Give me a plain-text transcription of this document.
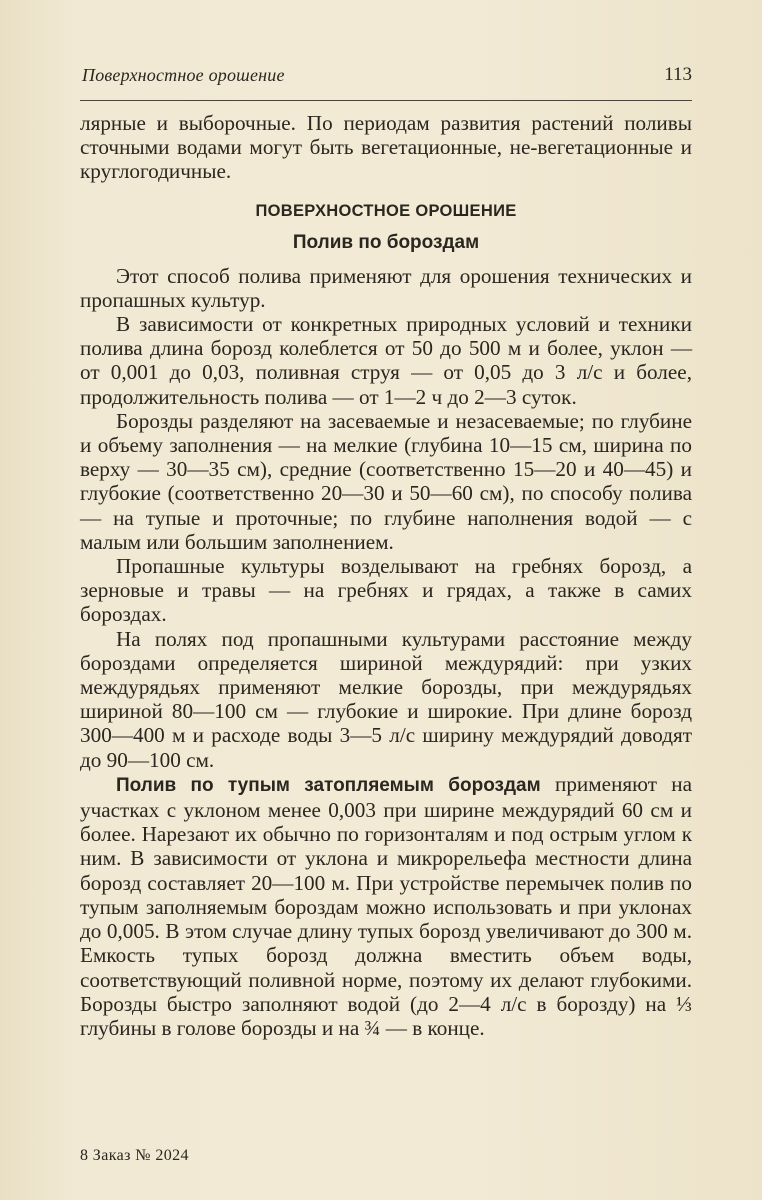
Поверхностное орошение	113

лярные и выборочные. По периодам развития растений поливы сточными водами могут быть вегетационные, не-вегетационные и круглогодичные.

ПОВЕРХНОСТНОЕ ОРОШЕНИЕ
Полив по бороздам

Этот способ полива применяют для орошения технических и пропашных культур.

В зависимости от конкретных природных условий и техники полива длина борозд колеблется от 50 до 500 м и более, уклон — от 0,001 до 0,03, поливная струя — от 0,05 до 3 л/с и более, продолжительность полива — от 1—2 ч до 2—3 суток.

Борозды разделяют на засеваемые и незасеваемые; по глубине и объему заполнения — на мелкие (глубина 10—15 см, ширина по верху — 30—35 см), средние (соответственно 15—20 и 40—45) и глубокие (соответственно 20—30 и 50—60 см), по способу полива — на тупые и проточные; по глубине наполнения водой — с малым или большим заполнением.

Пропашные культуры возделывают на гребнях борозд, а зерновые и травы — на гребнях и грядах, а также в самих бороздах.

На полях под пропашными культурами расстояние между бороздами определяется шириной междурядий: при узких междурядьях применяют мелкие борозды, при междурядьях шириной 80—100 см — глубокие и широкие. При длине борозд 300—400 м и расходе воды 3—5 л/с ширину междурядий доводят до 90—100 см.

Полив по тупым затопляемым бороздам применяют на участках с уклоном менее 0,003 при ширине междурядий 60 см и более. Нарезают их обычно по горизонталям и под острым углом к ним. В зависимости от уклона и микрорельефа местности длина борозд составляет 20—100 м. При устройстве перемычек полив по тупым заполняемым бороздам можно использовать и при уклонах до 0,005. В этом случае длину тупых борозд увеличивают до 300 м. Емкость тупых борозд должна вместить объем воды, соответствующий поливной норме, поэтому их делают глубокими. Борозды быстро заполняют водой (до 2—4 л/с в борозду) на ⅓ глубины в голове борозды и на ¾ — в конце.

8 Заказ № 2024
